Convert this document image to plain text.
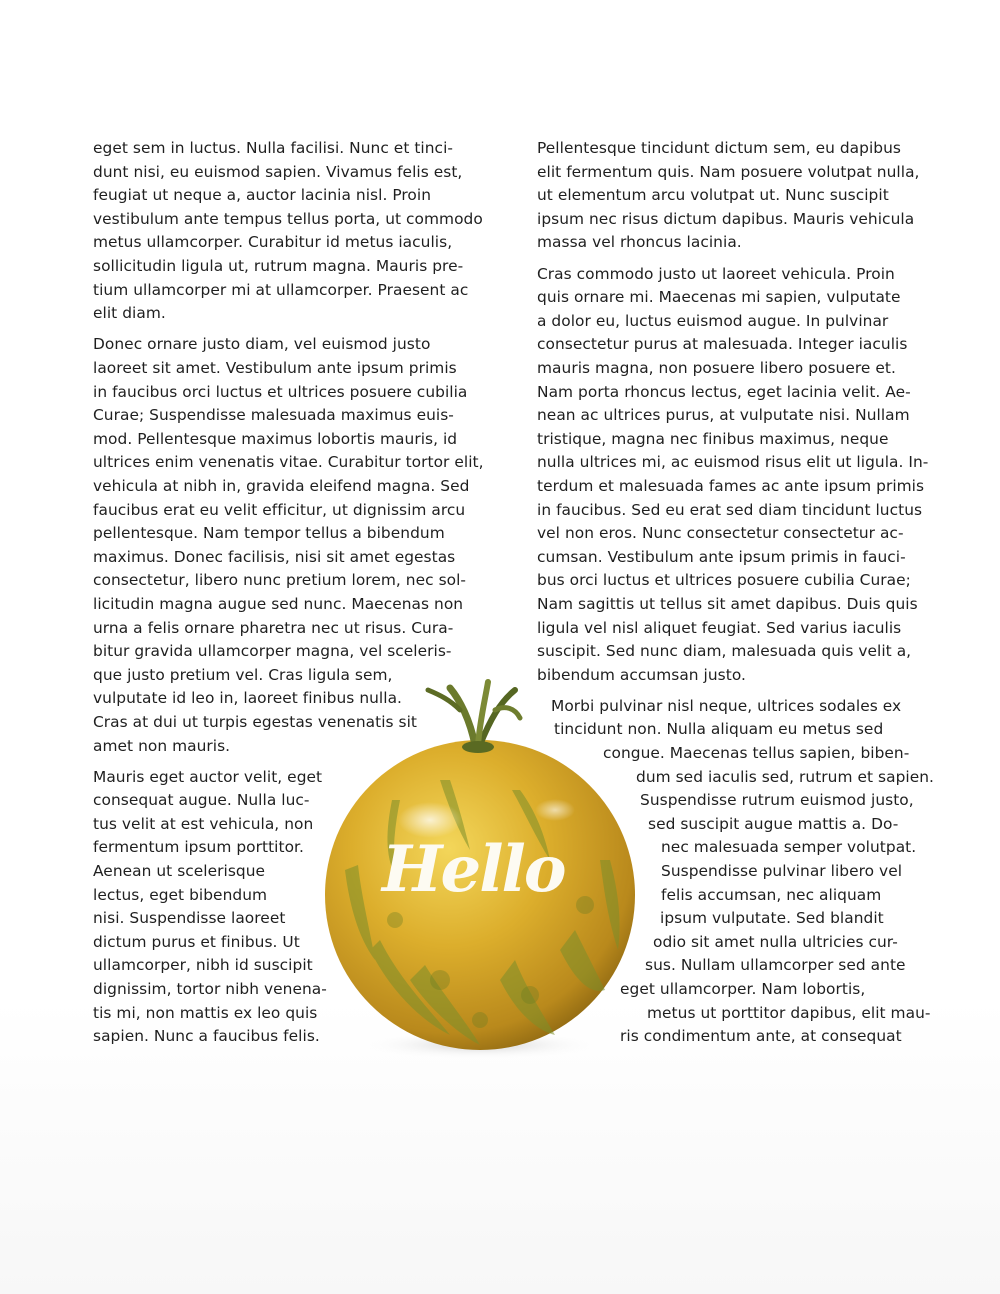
Hello
eget sem in luctus. Nulla facilisi. Nunc et tinci-
dunt nisi, eu euismod sapien. Vivamus felis est,
feugiat ut neque a, auctor lacinia nisl. Proin
vestibulum ante tempus tellus porta, ut commodo
metus ullamcorper. Curabitur id metus iaculis,
sollicitudin ligula ut, rutrum magna. Mauris pre-
tium ullamcorper mi at ullamcorper. Praesent ac
elit diam.
Donec ornare justo diam, vel euismod justo
laoreet sit amet. Vestibulum ante ipsum primis
in faucibus orci luctus et ultrices posuere cubilia
Curae; Suspendisse malesuada maximus euis-
mod. Pellentesque maximus lobortis mauris, id
ultrices enim venenatis vitae. Curabitur tortor elit,
vehicula at nibh in, gravida eleifend magna. Sed
faucibus erat eu velit efficitur, ut dignissim arcu
pellentesque. Nam tempor tellus a bibendum
maximus. Donec facilisis, nisi sit amet egestas
consectetur, libero nunc pretium lorem, nec sol-
licitudin magna augue sed nunc. Maecenas non
urna a felis ornare pharetra nec ut risus. Cura-
bitur gravida ullamcorper magna, vel sceleris-
que justo pretium vel. Cras ligula sem,
vulputate id leo in, laoreet finibus nulla.
Cras at dui ut turpis egestas venenatis sit
amet non mauris.
Mauris eget auctor velit, eget
consequat augue. Nulla luc-
tus velit at est vehicula, non
fermentum ipsum porttitor.
Aenean ut scelerisque
lectus, eget bibendum
nisi. Suspendisse laoreet
dictum purus et finibus. Ut
ullamcorper, nibh id suscipit
dignissim, tortor nibh venena-
tis mi, non mattis ex leo quis
sapien. Nunc a faucibus felis.
Pellentesque tincidunt dictum sem, eu dapibus
elit fermentum quis. Nam posuere volutpat nulla,
ut elementum arcu volutpat ut. Nunc suscipit
ipsum nec risus dictum dapibus. Mauris vehicula
massa vel rhoncus lacinia.
Cras commodo justo ut laoreet vehicula. Proin
quis ornare mi. Maecenas mi sapien, vulputate
a dolor eu, luctus euismod augue. In pulvinar
consectetur purus at malesuada. Integer iaculis
mauris magna, non posuere libero posuere et.
Nam porta rhoncus lectus, eget lacinia velit. Ae-
nean ac ultrices purus, at vulputate nisi. Nullam
tristique, magna nec finibus maximus, neque
nulla ultrices mi, ac euismod risus elit ut ligula. In-
terdum et malesuada fames ac ante ipsum primis
in faucibus. Sed eu erat sed diam tincidunt luctus
vel non eros. Nunc consectetur consectetur ac-
cumsan. Vestibulum ante ipsum primis in fauci-
bus orci luctus et ultrices posuere cubilia Curae;
Nam sagittis ut tellus sit amet dapibus. Duis quis
ligula vel nisl aliquet feugiat. Sed varius iaculis
suscipit. Sed nunc diam, malesuada quis velit a,
bibendum accumsan justo.
Morbi pulvinar nisl neque, ultrices sodales ex
tincidunt non. Nulla aliquam eu metus sed
congue. Maecenas tellus sapien, biben-
dum sed iaculis sed, rutrum et sapien.
Suspendisse rutrum euismod justo,
sed suscipit augue mattis a. Do-
nec malesuada semper volutpat.
Suspendisse pulvinar libero vel
felis accumsan, nec aliquam
ipsum vulputate. Sed blandit
odio sit amet nulla ultricies cur-
sus. Nullam ullamcorper sed ante
eget ullamcorper. Nam lobortis,
metus ut porttitor dapibus, elit mau-
ris condimentum ante, at consequat
